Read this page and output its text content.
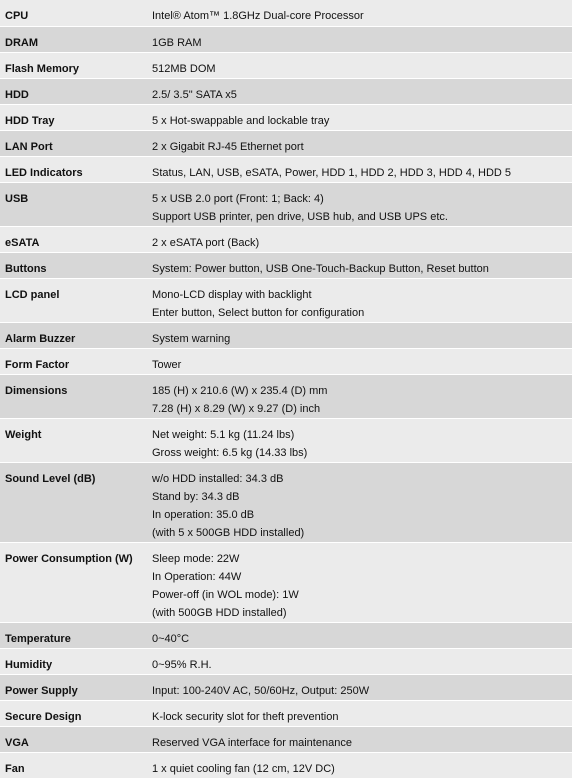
CPU	Intel® Atom™ 1.8GHz Dual-core Processor

DRAM	1GB RAM

Flash Memory	512MB DOM

HDD	2.5/ 3.5" SATA x5

HDD Tray	5 x Hot-swappable and lockable tray

LAN Port	2 x Gigabit RJ-45 Ethernet port

LED Indicators	Status, LAN, USB, eSATA, Power, HDD 1, HDD 2, HDD 3, HDD 4, HDD 5

USB	5 x USB 2.0 port (Front: 1; Back: 4)
Support USB printer, pen drive, USB hub, and USB UPS etc.

eSATA	2 x eSATA port (Back)

Buttons	System: Power button, USB One-Touch-Backup Button, Reset button

LCD panel	Mono-LCD display with backlight
Enter button, Select button for configuration

Alarm Buzzer	System warning

Form Factor	Tower

Dimensions	185 (H) x 210.6 (W) x 235.4 (D) mm
7.28 (H) x 8.29 (W) x 9.27 (D) inch

Weight	Net weight: 5.1 kg (11.24 lbs)
Gross weight: 6.5 kg (14.33 lbs)

Sound Level (dB)	w/o HDD installed: 34.3 dB
Stand by: 34.3 dB
In operation: 35.0 dB
(with 5 x 500GB HDD installed)

Power Consumption (W)	Sleep mode: 22W
In Operation: 44W
Power-off (in WOL mode): 1W
(with 500GB HDD installed)

Temperature	0~40°C

Humidity	0~95% R.H.

Power Supply	Input: 100-240V AC, 50/60Hz, Output: 250W

Secure Design	K-lock security slot for theft prevention

VGA	Reserved VGA interface for maintenance

Fan	1 x quiet cooling fan (12 cm, 12V DC)
